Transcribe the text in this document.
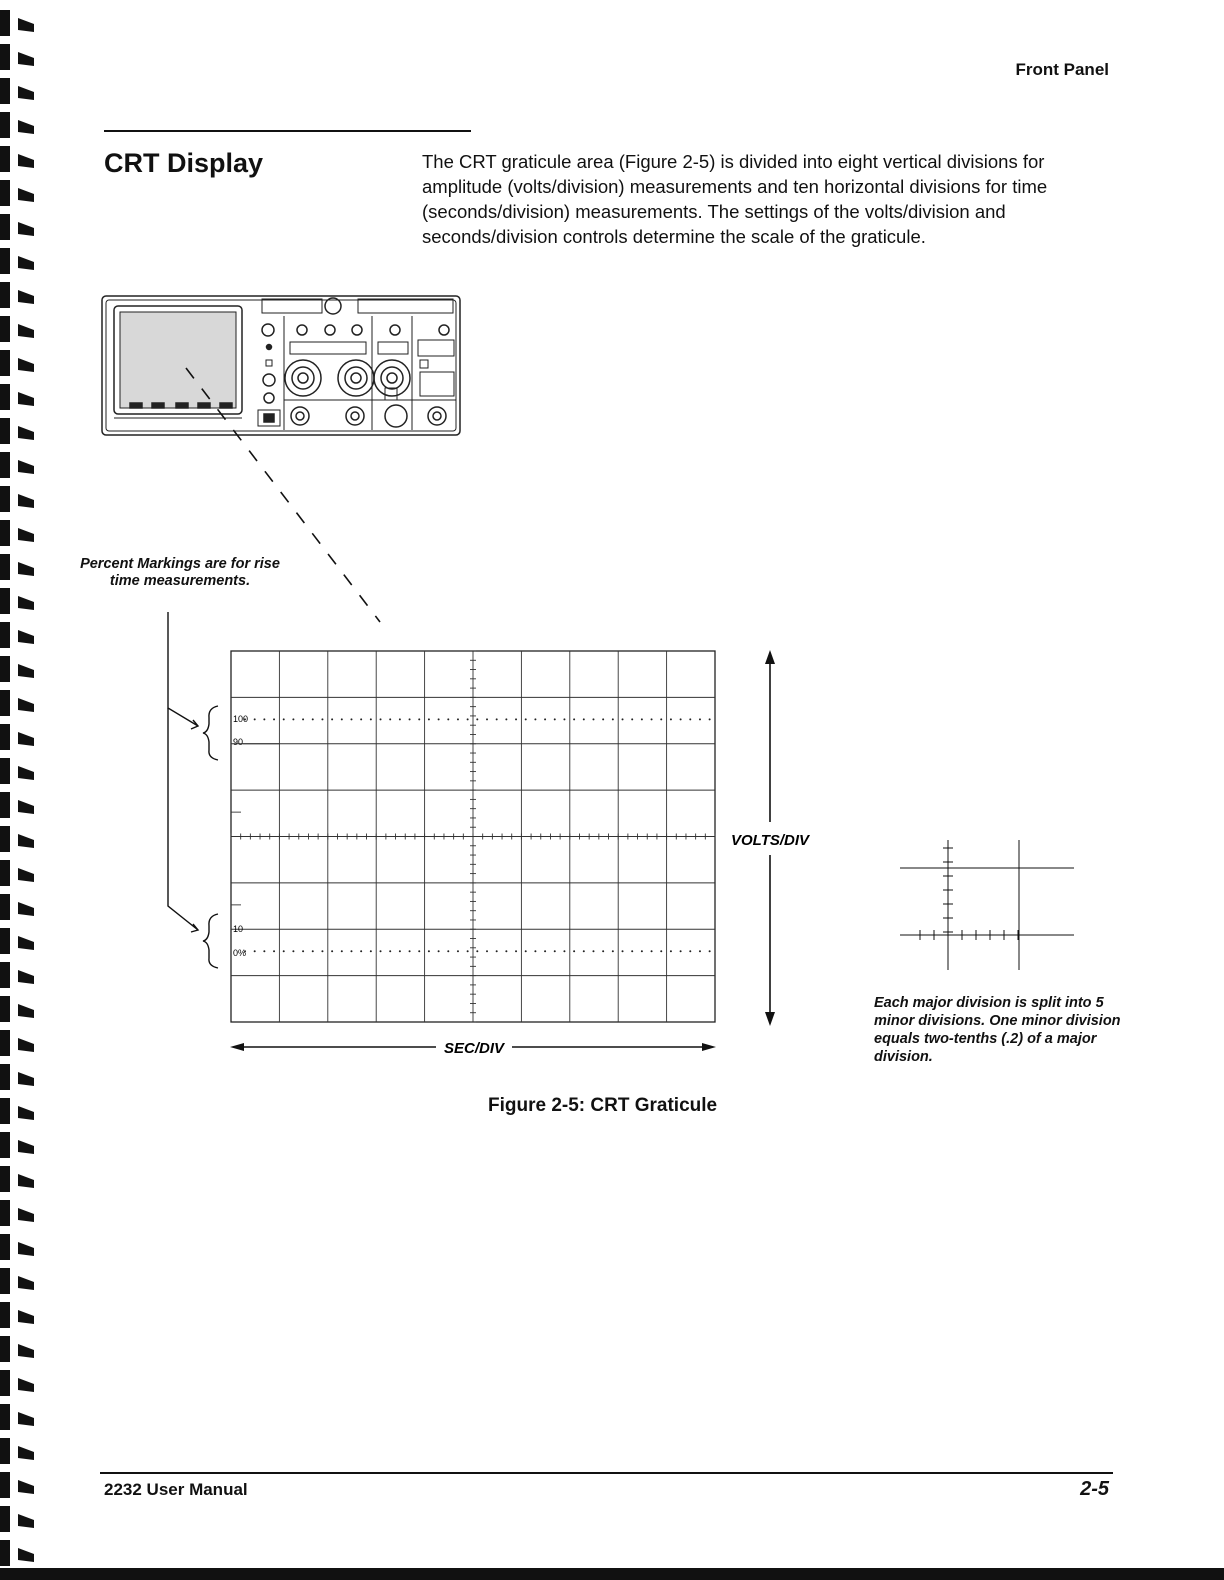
Front Panel
CRT Display	The CRT graticule area (Figure 2-5) is divided into eight vertical divisions for amplitude (volts/division) measurements and ten horizontal divisions for time (seconds/division) measurements. The settings of the volts/division and seconds/division controls determine the scale of the graticule.

100
90
10
0%
VOLTS/DIV
SEC/DIV
Percent Markings are for rise time measurements.
Each major division is split into 5 minor divisions. One minor division equals two-tenths (.2) of a major division.
Figure 2-5: CRT Graticule
2232 User Manual	2-5
